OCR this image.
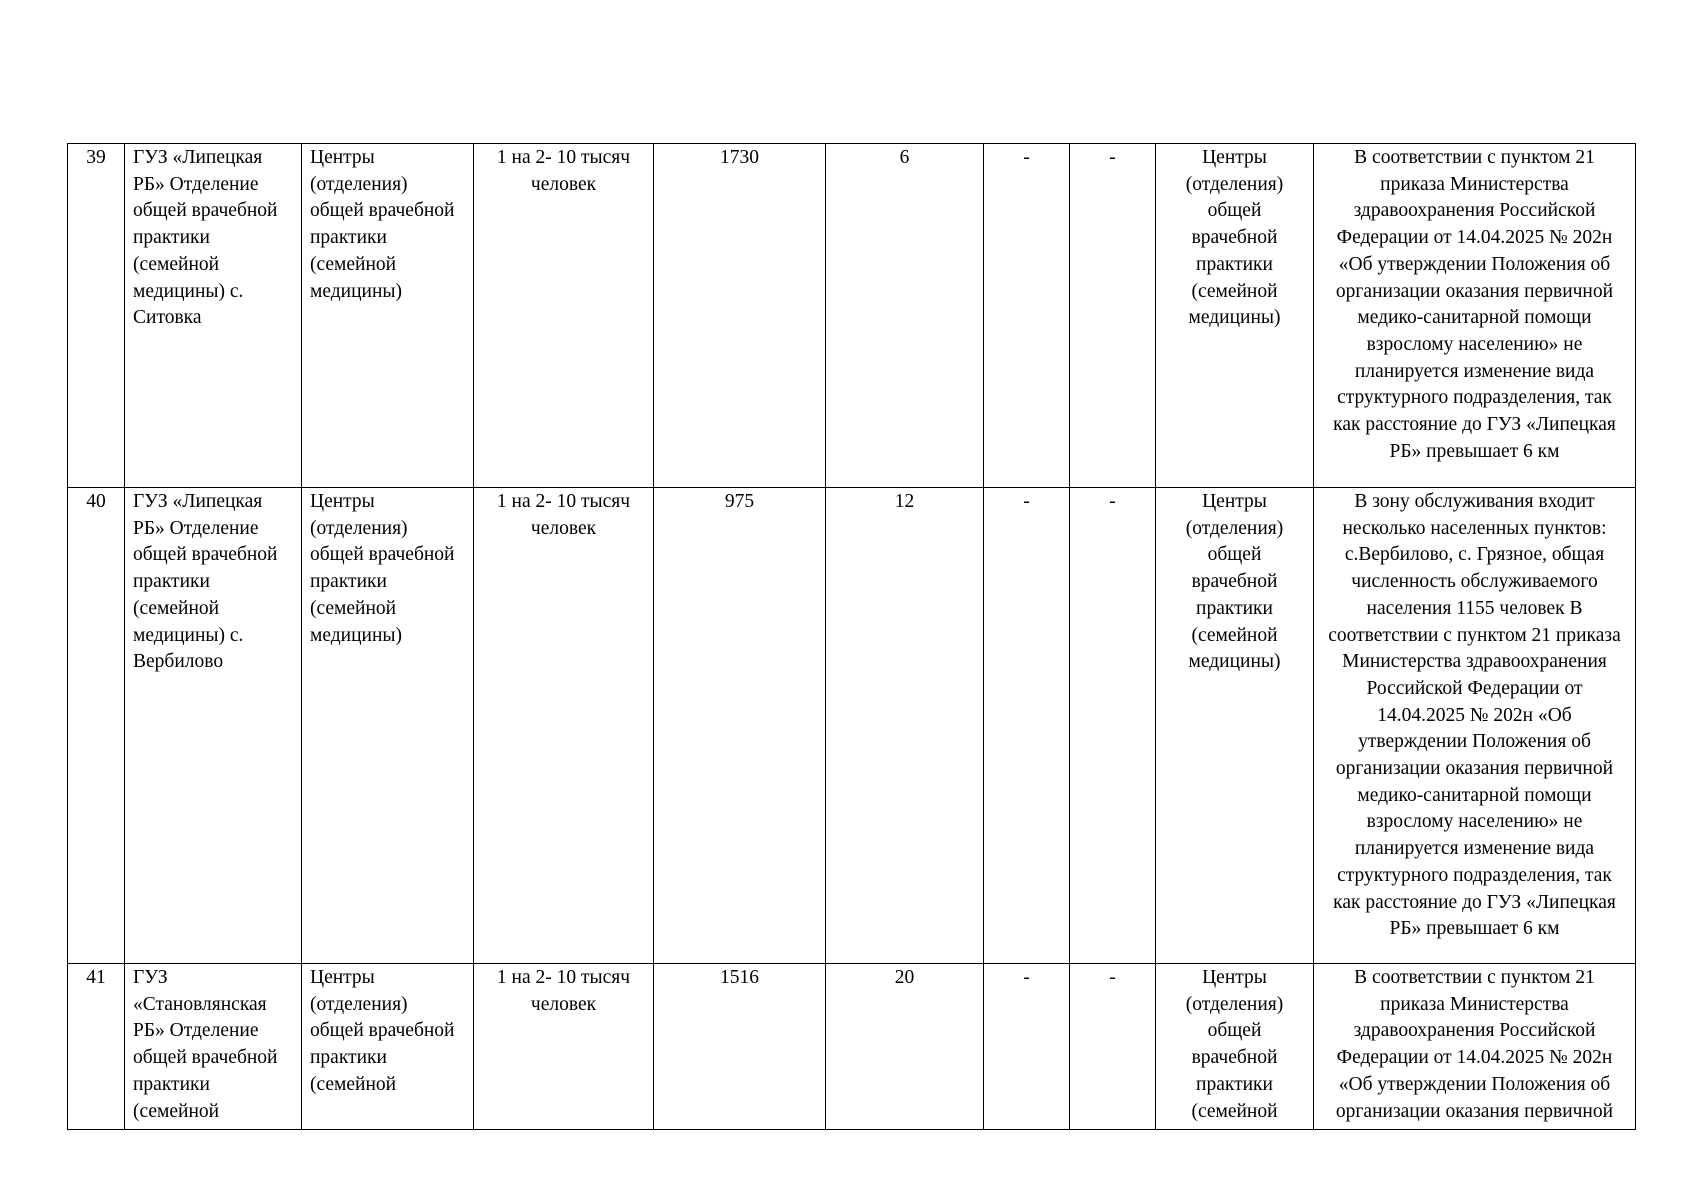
39	ГУЗ «Липецкая РБ» Отделение общей врачебной практики (семейной медицины) с. Ситовка	Центры (отделения) общей врачебной практики (семейной медицины)	1 на 2- 10 тысяч человек	1730	6	-	-	Центры (отделения) общей врачебной практики (семейной медицины)	В соответствии с пунктом 21 приказа Министерства здравоохранения Российской Федерации от 14.04.2025 № 202н «Об утверждении Положения об организации оказания первичной медико-санитарной помощи взрослому населению» не планируется изменение вида структурного подразделения, так как расстояние до ГУЗ «Липецкая РБ» превышает 6 км
40	ГУЗ «Липецкая РБ» Отделение общей врачебной практики (семейной медицины) с. Вербилово	Центры (отделения) общей врачебной практики (семейной медицины)	1 на 2- 10 тысяч человек	975	12	-	-	Центры (отделения) общей врачебной практики (семейной медицины)	В зону обслуживания входит несколько населенных пунктов: с.Вербилово, с. Грязное, общая численность обслуживаемого населения 1155 человек В соответствии с пунктом 21 приказа Министерства здравоохранения Российской Федерации от 14.04.2025 № 202н «Об утверждении Положения об организации оказания первичной медико-санитарной помощи взрослому населению» не планируется изменение вида структурного подразделения, так как расстояние до ГУЗ «Липецкая РБ» превышает 6 км
41	ГУЗ «Становлянская РБ» Отделение общей врачебной практики (семейной	Центры (отделения) общей врачебной практики (семейной	1 на 2- 10 тысяч человек	1516	20	-	-	Центры (отделения) общей врачебной практики (семейной	В соответствии с пунктом 21 приказа Министерства здравоохранения Российской Федерации от 14.04.2025 № 202н «Об утверждении Положения об организации оказания первичной
